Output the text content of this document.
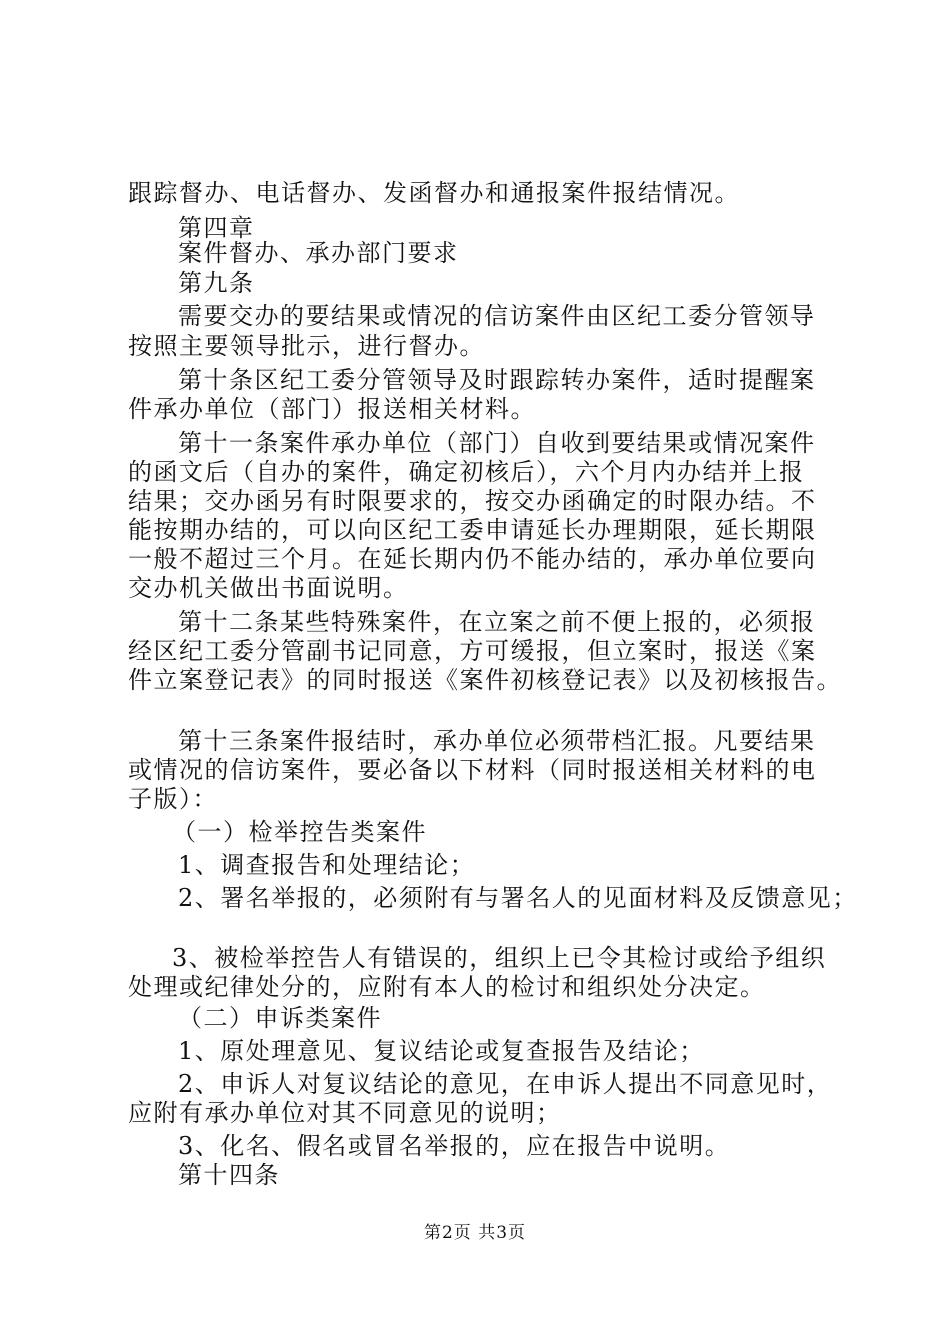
跟踪督办、电话督办、发函督办和通报案件报结情况。
第四章
案件督办、承办部门要求
第九条
需要交办的要结果或情况的信访案件由区纪工委分管领导
按照主要领导批示，进行督办。
第十条区纪工委分管领导及时跟踪转办案件，适时提醒案
件承办单位（部门）报送相关材料。
第十一条案件承办单位（部门）自收到要结果或情况案件
的函文后（自办的案件，确定初核后），六个月内办结并上报
结果；交办函另有时限要求的，按交办函确定的时限办结。不
能按期办结的，可以向区纪工委申请延长办理期限，延长期限
一般不超过三个月。在延长期内仍不能办结的，承办单位要向
交办机关做出书面说明。
第十二条某些特殊案件，在立案之前不便上报的，必须报
经区纪工委分管副书记同意，方可缓报，但立案时，报送《案
件立案登记表》的同时报送《案件初核登记表》以及初核报告。
第十三条案件报结时，承办单位必须带档汇报。凡要结果
或情况的信访案件，要必备以下材料（同时报送相关材料的电
子版）：
（一）检举控告类案件
1、调查报告和处理结论；
2、署名举报的，必须附有与署名人的见面材料及反馈意见；
3、被检举控告人有错误的，组织上已令其检讨或给予组织
处理或纪律处分的，应附有本人的检讨和组织处分决定。
（二）申诉类案件
1、原处理意见、复议结论或复查报告及结论；
2、申诉人对复议结论的意见，在申诉人提出不同意见时，
应附有承办单位对其不同意见的说明；
3、化名、假名或冒名举报的，应在报告中说明。
第十四条
第2页 共3页
